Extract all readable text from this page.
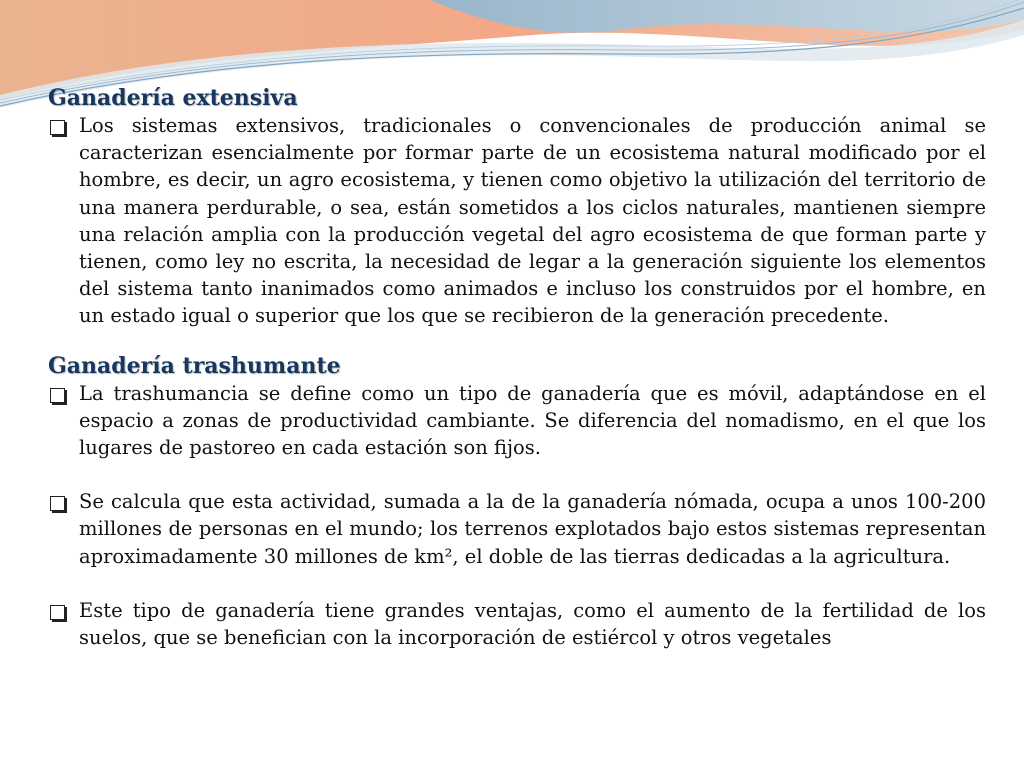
Ganadería extensiva

Los sistemas extensivos, tradicionales o convencionales de producción animal se caracterizan esencialmente por formar parte de un ecosistema natural modificado por el hombre, es decir, un agro ecosistema, y tienen como objetivo la utilización del territorio de una manera perdurable, o sea, están sometidos a los ciclos naturales, mantienen siempre una relación amplia con la producción vegetal del agro ecosistema de que forman parte y tienen, como ley no escrita, la necesidad de legar a la generación siguiente los elementos del sistema tanto inanimados como animados e incluso los construidos por el hombre, en un estado igual o superior que los que se recibieron de la generación precedente.

Ganadería trashumante

La trashumancia se define como un tipo de ganadería que es móvil, adaptándose en el espacio a zonas de productividad cambiante. Se diferencia del nomadismo, en el que los lugares de pastoreo en cada estación son fijos.

Se calcula que esta actividad, sumada a la de la ganadería nómada, ocupa a unos 100-200 millones de personas en el mundo; los terrenos explotados bajo estos sistemas representan aproximadamente 30 millones de km², el doble de las tierras dedicadas a la agricultura.

Este tipo de ganadería tiene grandes ventajas, como el aumento de la fertilidad de los suelos, que se benefician con la incorporación de estiércol y otros vegetales
